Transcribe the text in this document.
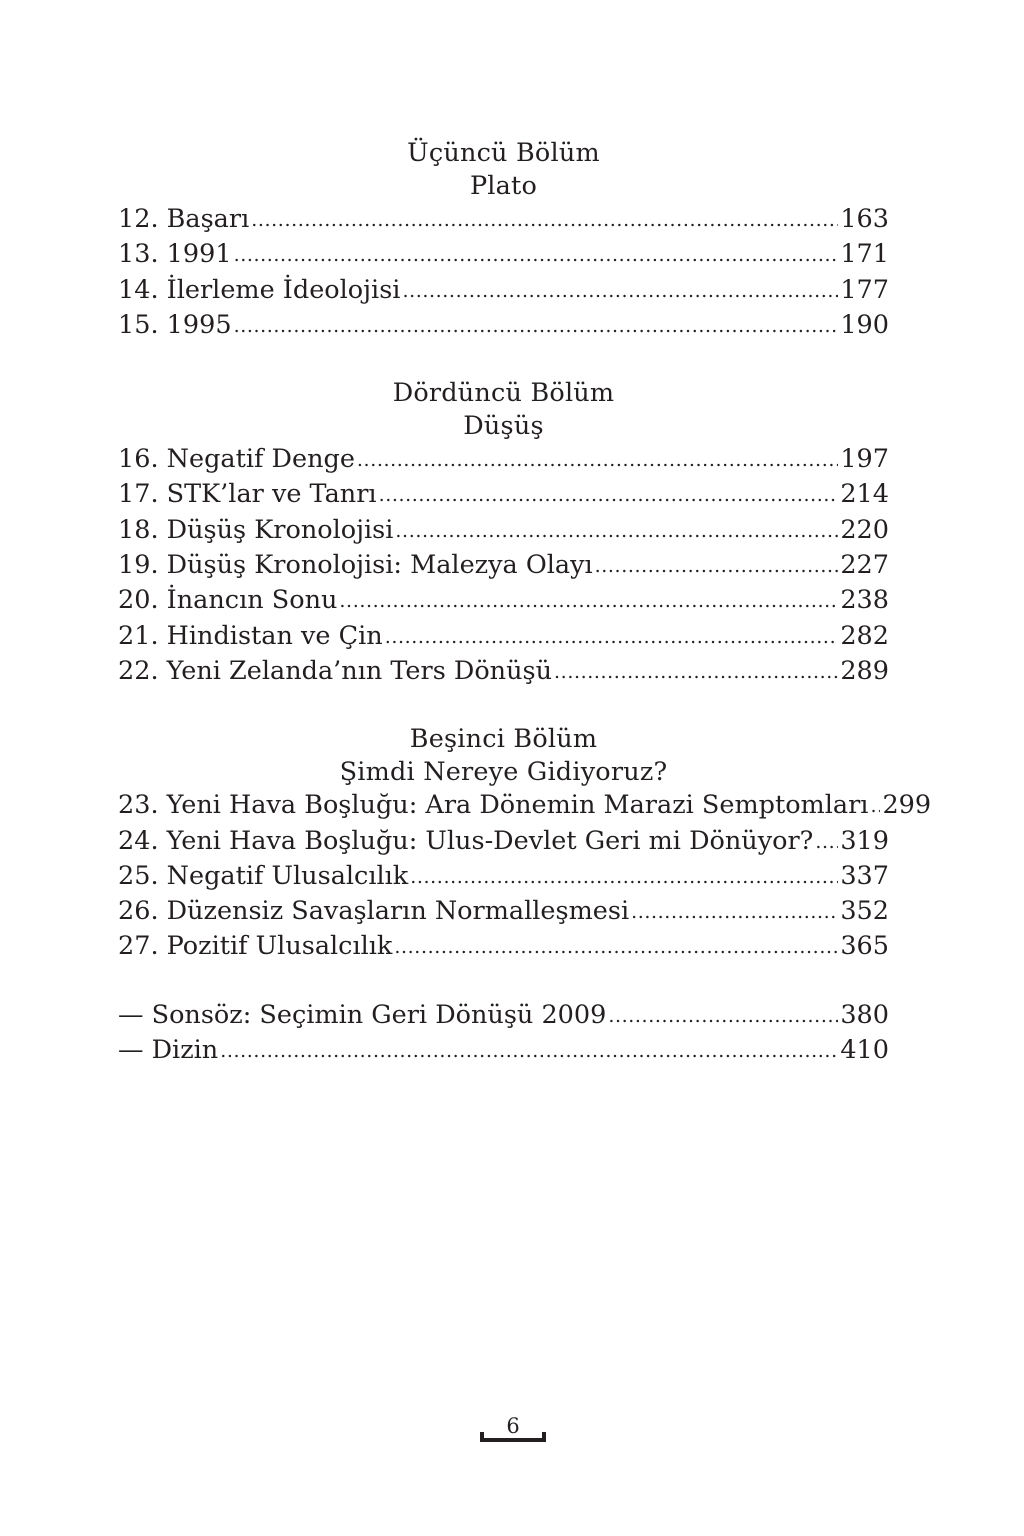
Üçüncü Bölüm
Plato
12. Başarı .....	163
13. 1991 .....	171
14. İlerleme İdeolojisi .....	177
15. 1995 .....	190
Dördüncü Bölüm
Düşüş
16. Negatif Denge .....	197
17. STK’lar ve Tanrı .....	214
18. Düşüş Kronolojisi .....	220
19. Düşüş Kronolojisi: Malezya Olayı .....	227
20. İnancın Sonu .....	238
21. Hindistan ve Çin .....	282
22. Yeni Zelanda’nın Ters Dönüşü .....	289
Beşinci Bölüm
Şimdi Nereye Gidiyoruz?
23. Yeni Hava Boşluğu: Ara Dönemin Marazi Semptomları ..... 299
24. Yeni Hava Boşluğu: Ulus-Devlet Geri mi Dönüyor? ..... 319
25. Negatif Ulusalcılık .....	337
26. Düzensiz Savaşların Normalleşmesi .....	352
27. Pozitif Ulusalcılık .....	365
— Sonsöz: Seçimin Geri Dönüşü 2009 .....	380
— Dizin .....	410
6
